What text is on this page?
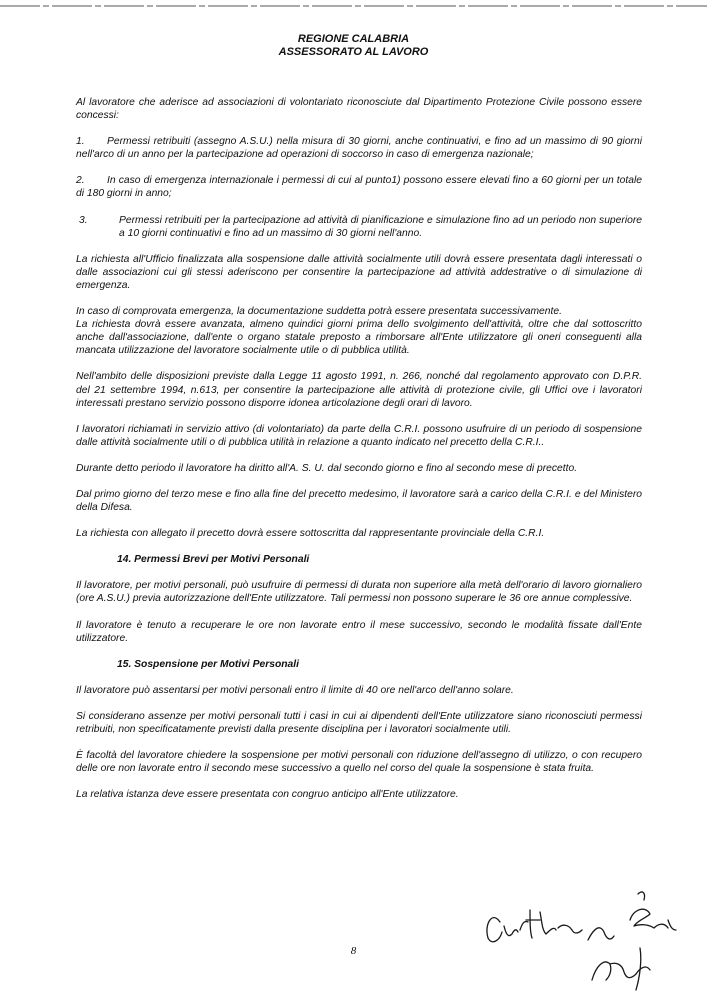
REGIONE CALABRIA
ASSESSORATO AL LAVORO

Al lavoratore che aderisce ad associazioni di volontariato riconosciute dal Dipartimento Protezione Civile possono essere concessi:

1. Permessi retribuiti (assegno A.S.U.) nella misura di 30 giorni, anche continuativi, e fino ad un massimo di 90 giorni nell'arco di un anno per la partecipazione ad operazioni di soccorso in caso di emergenza nazionale;

2. In caso di emergenza internazionale i permessi di cui al punto1) possono essere elevati fino a 60 giorni per un totale di 180 giorni in anno;

3.	Permessi retribuiti per la partecipazione ad attività di pianificazione e simulazione fino ad un periodo non superiore a 10 giorni continuativi e fino ad un massimo di 30 giorni nell'anno.

La richiesta all'Ufficio finalizzata alla sospensione dalle attività socialmente utili dovrà essere presentata dagli interessati o dalle associazioni cui gli stessi aderiscono per consentire la partecipazione ad attività addestrative o di simulazione di emergenza.

In caso di comprovata emergenza, la documentazione suddetta potrà essere presentata successivamente.

La richiesta dovrà essere avanzata, almeno quindici giorni prima dello svolgimento dell'attività, oltre che dal sottoscritto anche dall'associazione, dall'ente o organo statale preposto a rimborsare all'Ente utilizzatore gli oneri conseguenti alla mancata utilizzazione del lavoratore socialmente utile o di pubblica utilità.

Nell'ambito delle disposizioni previste dalla Legge 11 agosto 1991, n. 266, nonché dal regolamento approvato con D.P.R. del 21 settembre 1994, n.613, per consentire la partecipazione alle attività di protezione civile, gli Uffici ove i lavoratori interessati prestano servizio possono disporre idonea articolazione degli orari di lavoro.

I lavoratori richiamati in servizio attivo (di volontariato) da parte della C.R.I. possono usufruire di un periodo di sospensione dalle attività socialmente utili o di pubblica utilità in relazione a quanto indicato nel precetto della C.R.I..

Durante detto periodo il lavoratore ha diritto all'A. S. U. dal secondo giorno e fino al secondo mese di precetto.

Dal primo giorno del terzo mese e fino alla fine del precetto medesimo, il lavoratore sarà a carico della C.R.I. e del Ministero della Difesa.

La richiesta con allegato il precetto dovrà essere sottoscritta dal rappresentante provinciale della C.R.I.

14. Permessi Brevi per Motivi Personali

Il lavoratore, per motivi personali, può usufruire di permessi di durata non superiore alla metà dell'orario di lavoro giornaliero (ore A.S.U.) previa autorizzazione dell'Ente utilizzatore. Tali permessi non possono superare le 36 ore annue complessive.

Il lavoratore è tenuto a recuperare le ore non lavorate entro il mese successivo, secondo le modalità fissate dall'Ente utilizzatore.

15. Sospensione per Motivi Personali

Il lavoratore può assentarsi per motivi personali entro il limite di 40 ore nell'arco dell'anno solare.

Si considerano assenze per motivi personali tutti i casi in cui ai dipendenti dell'Ente utilizzatore siano riconosciuti permessi retribuiti, non specificatamente previsti dalla presente disciplina per i lavoratori socialmente utili.

È facoltà del lavoratore chiedere la sospensione per motivi personali con riduzione dell'assegno di utilizzo, o con recupero delle ore non lavorate entro il secondo mese successivo a quello nel corso del quale la sospensione è stata fruita.

La relativa istanza deve essere presentata con congruo anticipo all'Ente utilizzatore.

8
